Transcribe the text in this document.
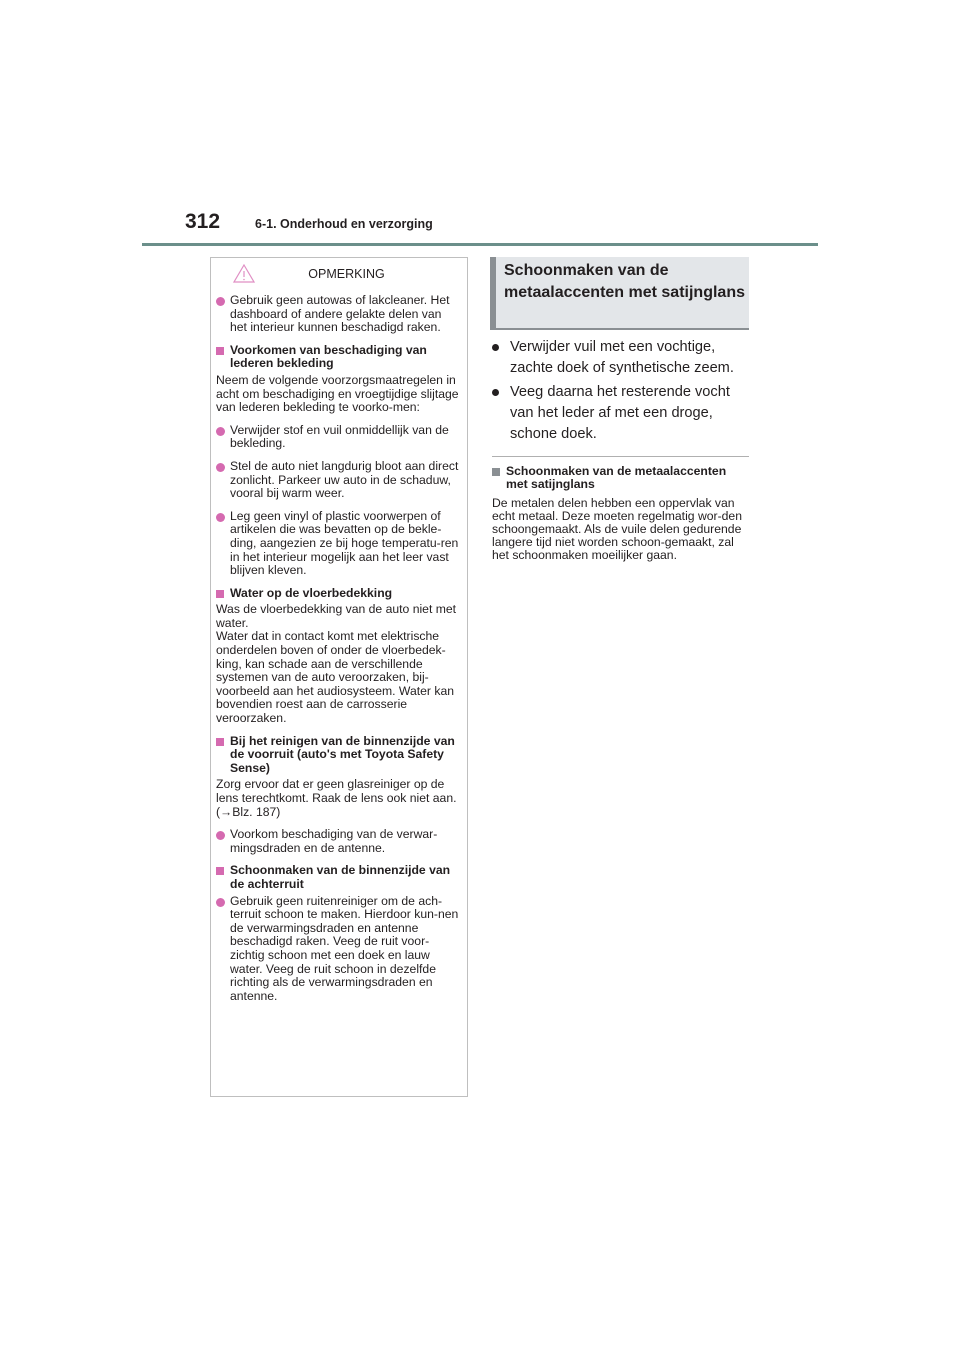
312	6-1. Onderhoud en verzorging
OPMERKING
Gebruik geen autowas of lakcleaner. Het dashboard of andere gelakte delen van het interieur kunnen beschadigd raken.
Voorkomen van beschadiging van lederen bekleding
Neem de volgende voorzorgsmaatregelen in acht om beschadiging en vroegtijdige slijtage van lederen bekleding te voorko-men:
Verwijder stof en vuil onmiddellijk van de bekleding.
Stel de auto niet langdurig bloot aan direct zonlicht. Parkeer uw auto in de schaduw, vooral bij warm weer.
Leg geen vinyl of plastic voorwerpen of artikelen die was bevatten op de bekle-ding, aangezien ze bij hoge temperatu-ren in het interieur mogelijk aan het leer vast blijven kleven.
Water op de vloerbedekking
Was de vloerbedekking van de auto niet met water.
Water dat in contact komt met elektrische onderdelen boven of onder de vloerbedek-king, kan schade aan de verschillende systemen van de auto veroorzaken, bij-voorbeeld aan het audiosysteem. Water kan bovendien roest aan de carrosserie veroorzaken.
Bij het reinigen van de binnenzijde van de voorruit (auto's met Toyota Safety Sense)
Zorg ervoor dat er geen glasreiniger op de lens terechtkomt. Raak de lens ook niet aan. (→Blz. 187)
Voorkom beschadiging van de verwar-mingsdraden en de antenne.
Schoonmaken van de binnenzijde van de achterruit
Gebruik geen ruitenreiniger om de ach-terruit schoon te maken. Hierdoor kun-nen de verwarmingsdraden en antenne beschadigd raken. Veeg de ruit voor-zichtig schoon met een doek en lauw water. Veeg de ruit schoon in dezelfde richting als de verwarmingsdraden en antenne.
Schoonmaken van de metaalaccenten met satijnglans
Verwijder vuil met een vochtige, zachte doek of synthetische zeem.
Veeg daarna het resterende vocht van het leder af met een droge, schone doek.
Schoonmaken van de metaalaccenten met satijnglans
De metalen delen hebben een oppervlak van echt metaal. Deze moeten regelmatig wor-den schoongemaakt. Als de vuile delen gedurende langere tijd niet worden schoon-gemaakt, zal het schoonmaken moeilijker gaan.
